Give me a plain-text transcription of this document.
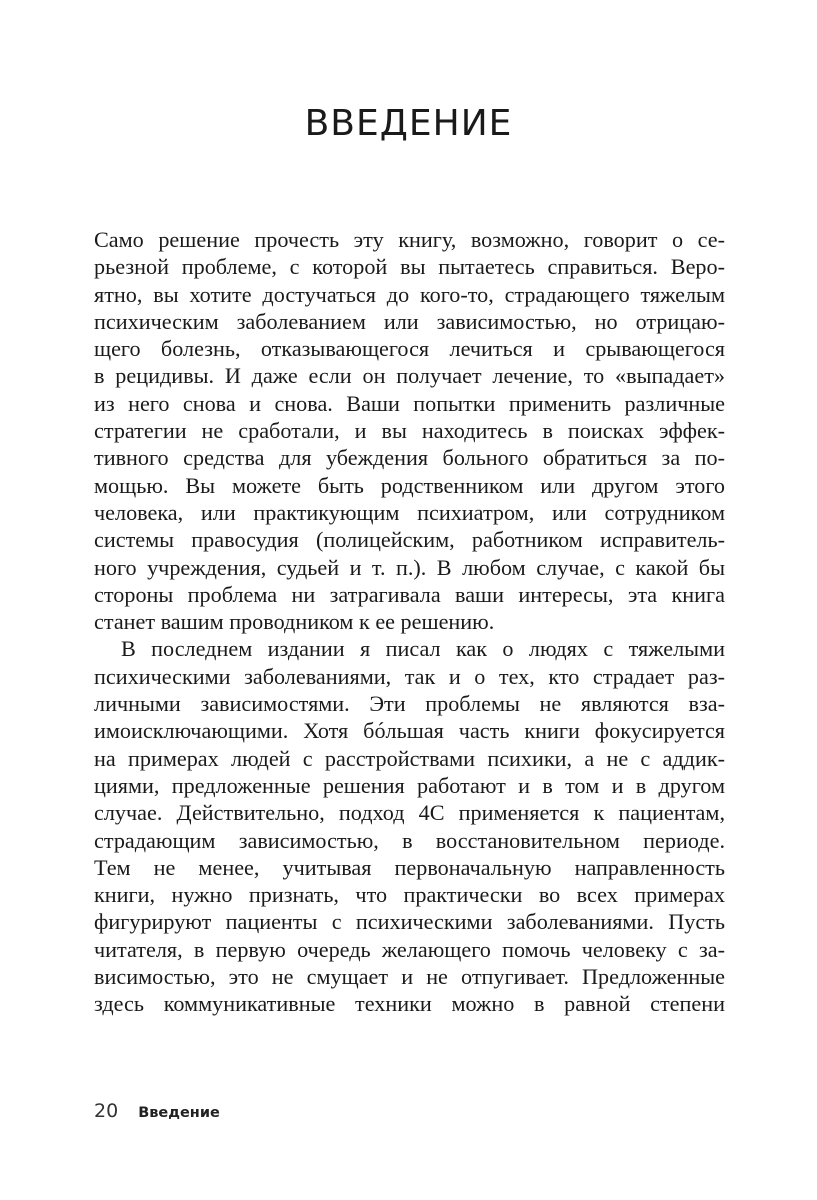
ВВЕДЕНИЕ
Само решение прочесть эту книгу, возможно, говорит о се-
рьезной проблеме, с которой вы пытаетесь справиться. Веро-
ятно, вы хотите достучаться до кого-то, страдающего тяжелым
психическим заболеванием или зависимостью, но отрицаю-
щего болезнь, отказывающегося лечиться и срывающегося
в рецидивы. И даже если он получает лечение, то «выпадает»
из него снова и снова. Ваши попытки применить различные
стратегии не сработали, и вы находитесь в поисках эффек-
тивного средства для убеждения больного обратиться за по-
мощью. Вы можете быть родственником или другом этого
человека, или практикующим психиатром, или сотрудником
системы правосудия (полицейским, работником исправитель-
ного учреждения, судьей и т. п.). В любом случае, с какой бы
стороны проблема ни затрагивала ваши интересы, эта книга
станет вашим проводником к ее решению.
В последнем издании я писал как о людях с тяжелыми
психическими заболеваниями, так и о тех, кто страдает раз-
личными зависимостями. Эти проблемы не являются вза-
имоисключающими. Хотя бóльшая часть книги фокусируется
на примерах людей с расстройствами психики, а не с аддик-
циями, предложенные решения работают и в том и в другом
случае. Действительно, подход 4С применяется к пациентам,
страдающим зависимостью, в восстановительном периоде.
Тем не менее, учитывая первоначальную направленность
книги, нужно признать, что практически во всех примерах
фигурируют пациенты с психическими заболеваниями. Пусть
читателя, в первую очередь желающего помочь человеку с за-
висимостью, это не смущает и не отпугивает. Предложенные
здесь коммуникативные техники можно в равной степени
20 Введение
